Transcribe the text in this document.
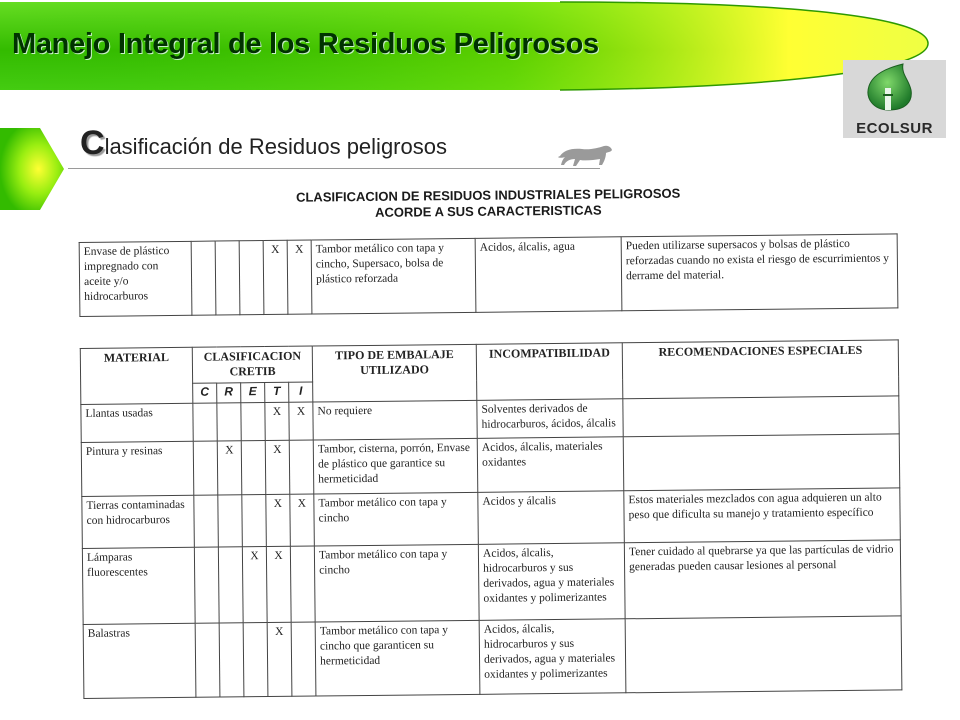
Manejo Integral de los Residuos Peligrosos
ECOLSUR
Clasificación de Residuos peligrosos
CLASIFICACION DE RESIDUOS INDUSTRIALES PELIGROSOS
ACORDE A SUS CARACTERISTICAS
Envase de plástico impregnado con aceite y/o hidrocarburos				X	X	Tambor metálico con tapa y cincho, Supersaco, bolsa de plástico reforzada	Acidos, álcalis, agua	Pueden utilizarse supersacos y bolsas de plástico reforzadas cuando no exista el riesgo de escurrimientos y derrame del material.
MATERIAL	CLASIFICACION CRETIB					TIPO DE EMBALAJE UTILIZADO	INCOMPATIBILIDAD	RECOMENDACIONES ESPECIALES
	C	R	E	T	I			
Llantas usadas				X	X	No requiere	Solventes derivados de hidrocarburos, ácidos, álcalis	
Pintura y resinas		X		X		Tambor, cisterna, porrón, Envase de plástico que garantice su hermeticidad	Acidos, álcalis, materiales oxidantes	
Tierras contaminadas con hidrocarburos				X	X	Tambor metálico con tapa y cincho	Acidos y álcalis	Estos materiales mezclados con agua adquieren un alto peso que dificulta su manejo y tratamiento específico
Lámparas fluorescentes			X	X		Tambor metálico con tapa y cincho	Acidos, álcalis, hidrocarburos y sus derivados, agua y materiales oxidantes y polimerizantes	Tener cuidado al quebrarse ya que las partículas de vidrio generadas pueden causar lesiones al personal
Balastras				X		Tambor metálico con tapa y cincho que garanticen su hermeticidad	Acidos, álcalis, hidrocarburos y sus derivados, agua y materiales oxidantes y polimerizantes	
